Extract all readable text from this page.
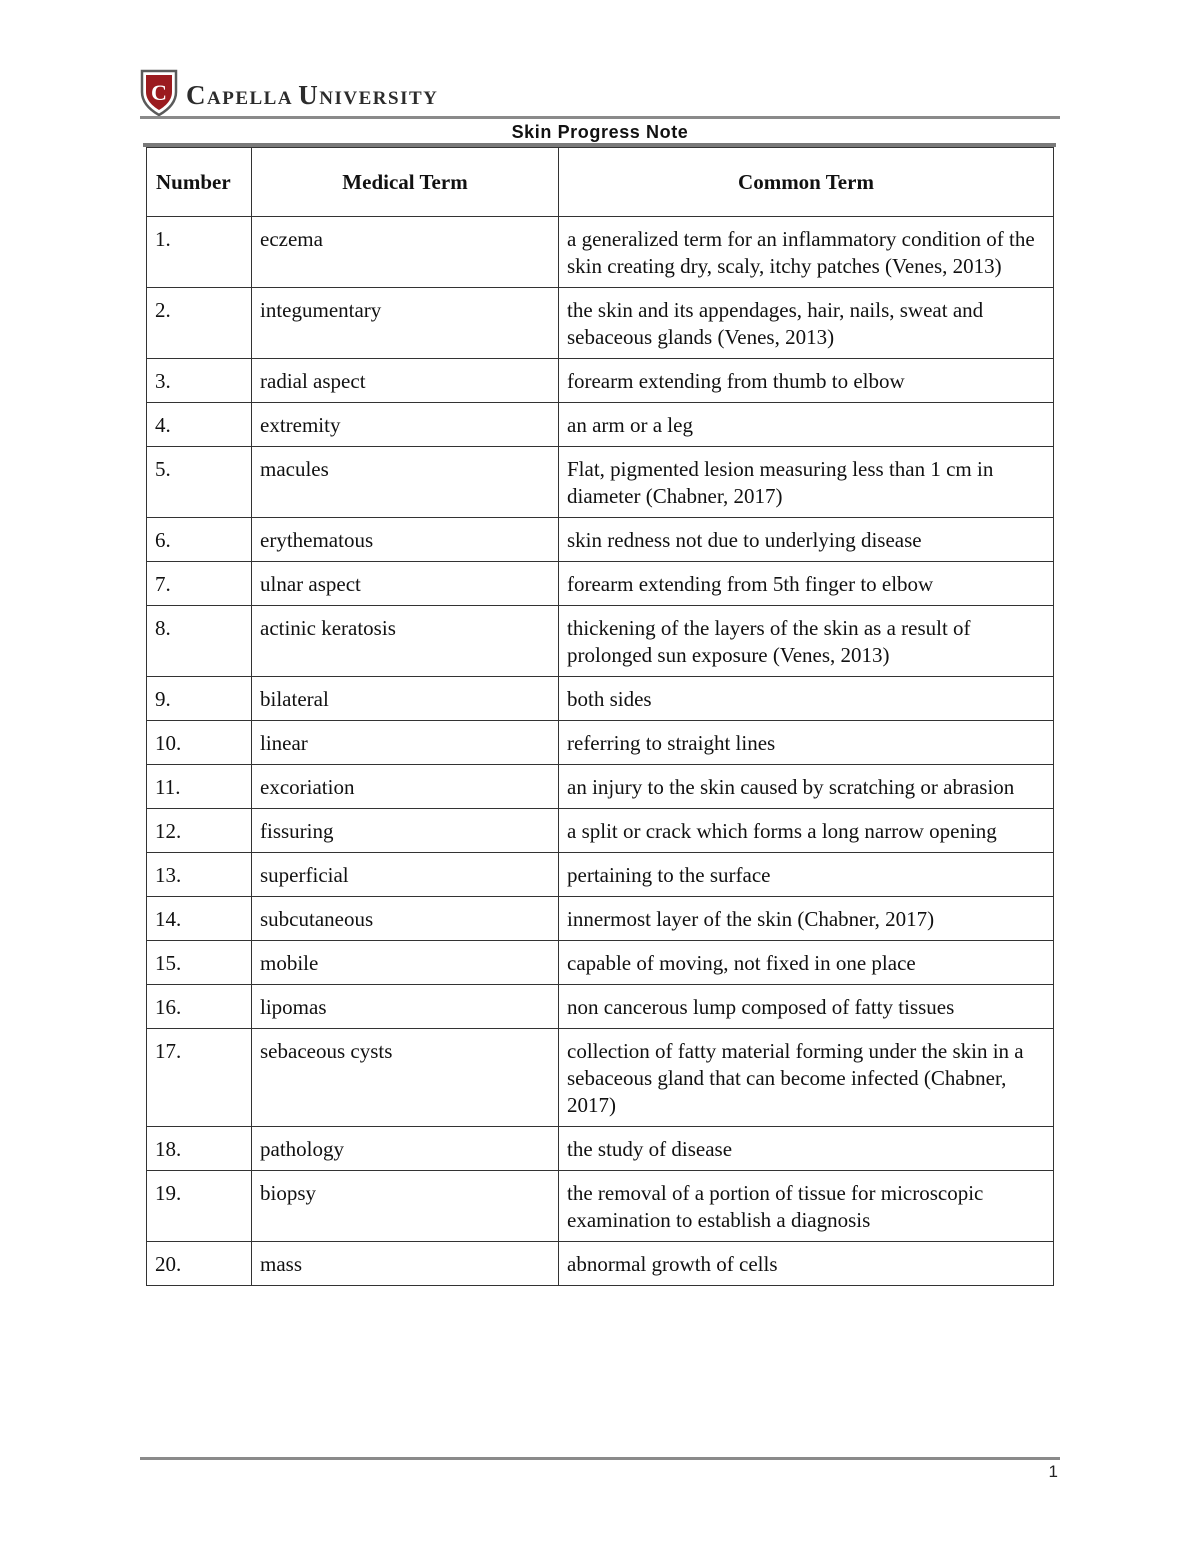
C CAPELLA UNIVERSITY
Skin Progress Note
Number	Medical Term	Common Term
1.	eczema	a generalized term for an inflammatory condition of the skin creating dry, scaly, itchy patches (Venes, 2013)
2.	integumentary	the skin and its appendages, hair, nails, sweat and sebaceous glands (Venes, 2013)
3.	radial aspect	forearm extending from thumb to elbow
4.	extremity	an arm or a leg
5.	macules	Flat, pigmented lesion measuring less than 1 cm in diameter (Chabner, 2017)
6.	erythematous	skin redness not due to underlying disease
7.	ulnar aspect	forearm extending from 5th finger to elbow
8.	actinic keratosis	thickening of the layers of the skin as a result of prolonged sun exposure (Venes, 2013)
9.	bilateral	both sides
10.	linear	referring to straight lines
11.	excoriation	an injury to the skin caused by scratching or abrasion
12.	fissuring	a split or crack which forms a long narrow opening
13.	superficial	pertaining to the surface
14.	subcutaneous	innermost layer of the skin (Chabner, 2017)
15.	mobile	capable of moving, not fixed in one place
16.	lipomas	non cancerous lump composed of fatty tissues
17.	sebaceous cysts	collection of fatty material forming under the skin in a sebaceous gland that can become infected (Chabner, 2017)
18.	pathology	the study of disease
19.	biopsy	the removal of a portion of tissue for microscopic examination to establish a diagnosis
20.	mass	abnormal growth of cells
1
